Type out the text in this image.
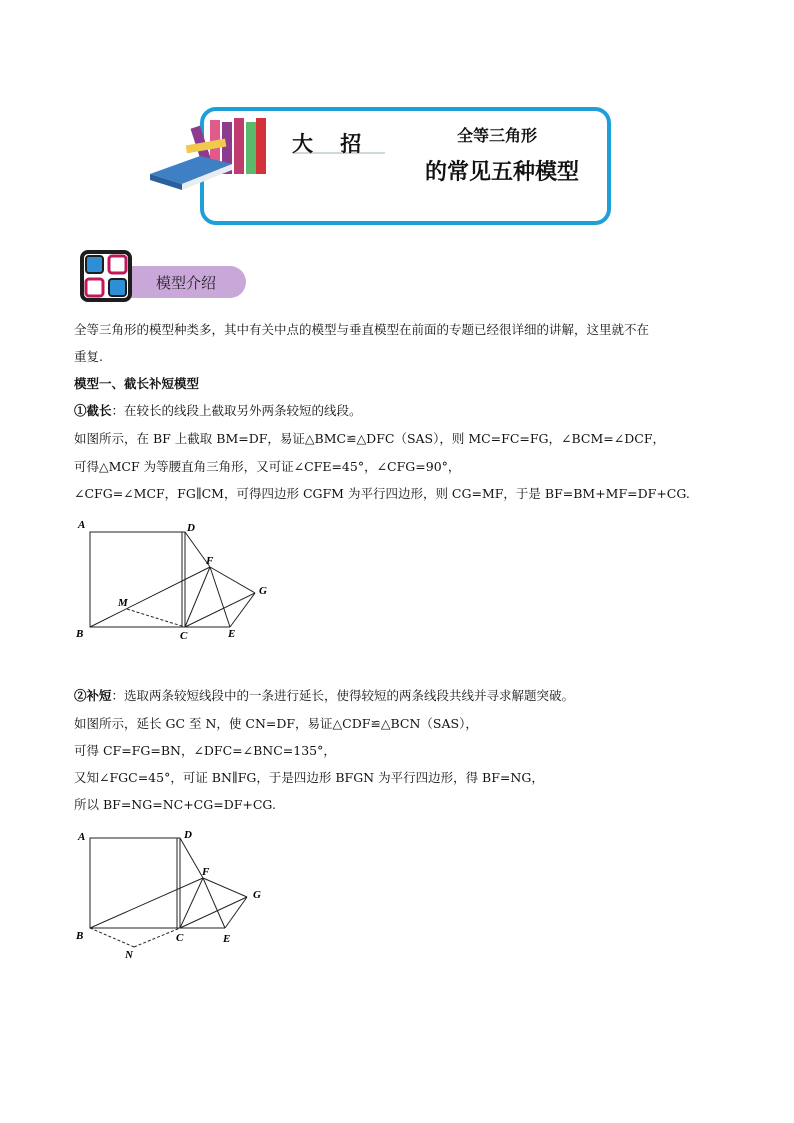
大 招	全等三角形
的常见五种模型
模型介绍
全等三角形的模型种类多，其中有关中点的模型与垂直模型在前面的专题已经很详细的讲解，这里就不在
重复.
模型一、截长补短模型
①截长：在较长的线段上截取另外两条较短的线段。
如图所示，在 BF 上截取 BM=DF，易证△BMC≌△DFC（SAS），则 MC=FC=FG，∠BCM=∠DCF，
可得△MCF 为等腰直角三角形，又可证∠CFE=45°，∠CFG=90°，
∠CFG=∠MCF，FG∥CM，可得四边形 CGFM 为平行四边形，则 CG=MF，于是 BF=BM+MF=DF+CG.
A	D
F
G
M
B	C	E
②补短：选取两条较短线段中的一条进行延长，使得较短的两条线段共线并寻求解题突破。
如图所示，延长 GC 至 N，使 CN=DF，易证△CDF≌△BCN（SAS），
可得 CF=FG=BN，∠DFC=∠BNC=135°，
又知∠FGC=45°，可证 BN∥FG，于是四边形 BFGN 为平行四边形，得 BF=NG，
所以 BF=NG=NC+CG=DF+CG.
A	D
F
G
B	C	E
N
